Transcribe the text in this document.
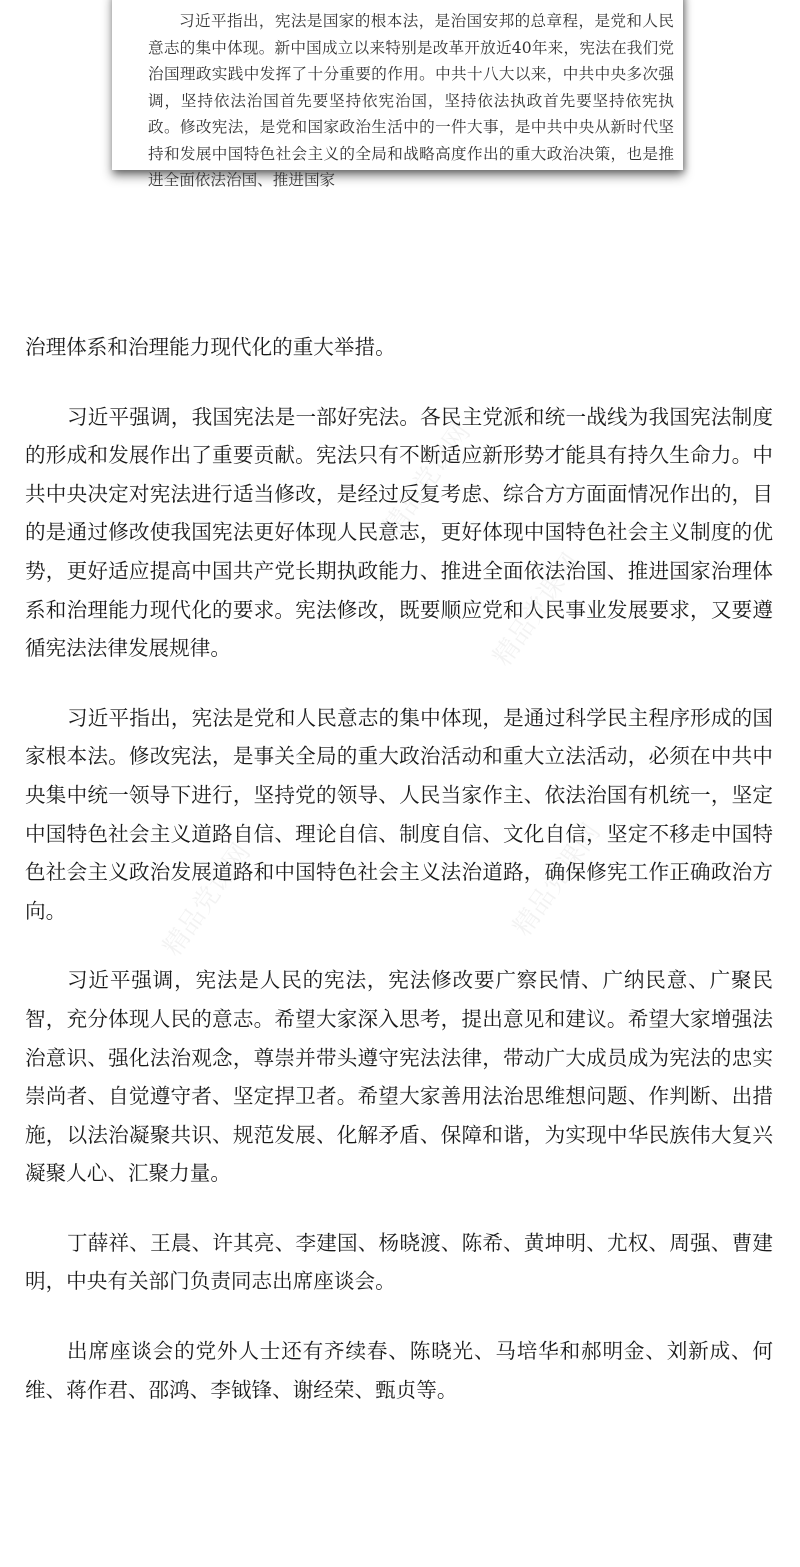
习近平指出，宪法是国家的根本法，是治国安邦的总章程，是党和人民意志的集中体现。新中国成立以来特别是改革开放近40年来，宪法在我们党治国理政实践中发挥了十分重要的作用。中共十八大以来，中共中央多次强调，坚持依法治国首先要坚持依宪治国，坚持依法执政首先要坚持依宪执政。修改宪法，是党和国家政治生活中的一件大事，是中共中央从新时代坚持和发展中国特色社会主义的全局和战略高度作出的重大政治决策，也是推进全面依法治国、推进国家

精品党课网
精品党课网
精品党课网	精品党课网

治理体系和治理能力现代化的重大举措。

习近平强调，我国宪法是一部好宪法。各民主党派和统一战线为我国宪法制度的形成和发展作出了重要贡献。宪法只有不断适应新形势才能具有持久生命力。中共中央决定对宪法进行适当修改，是经过反复考虑、综合方方面面情况作出的，目的是通过修改使我国宪法更好体现人民意志，更好体现中国特色社会主义制度的优势，更好适应提高中国共产党长期执政能力、推进全面依法治国、推进国家治理体系和治理能力现代化的要求。宪法修改，既要顺应党和人民事业发展要求，又要遵循宪法法律发展规律。

习近平指出，宪法是党和人民意志的集中体现，是通过科学民主程序形成的国家根本法。修改宪法，是事关全局的重大政治活动和重大立法活动，必须在中共中央集中统一领导下进行，坚持党的领导、人民当家作主、依法治国有机统一，坚定中国特色社会主义道路自信、理论自信、制度自信、文化自信，坚定不移走中国特色社会主义政治发展道路和中国特色社会主义法治道路，确保修宪工作正确政治方向。

习近平强调，宪法是人民的宪法，宪法修改要广察民情、广纳民意、广聚民智，充分体现人民的意志。希望大家深入思考，提出意见和建议。希望大家增强法治意识、强化法治观念，尊崇并带头遵守宪法法律，带动广大成员成为宪法的忠实崇尚者、自觉遵守者、坚定捍卫者。希望大家善用法治思维想问题、作判断、出措施，以法治凝聚共识、规范发展、化解矛盾、保障和谐，为实现中华民族伟大复兴凝聚人心、汇聚力量。

丁薛祥、王晨、许其亮、李建国、杨晓渡、陈希、黄坤明、尤权、周强、曹建明，中央有关部门负责同志出席座谈会。

出席座谈会的党外人士还有齐续春、陈晓光、马培华和郝明金、刘新成、何维、蒋作君、邵鸿、李钺锋、谢经荣、甄贞等。
